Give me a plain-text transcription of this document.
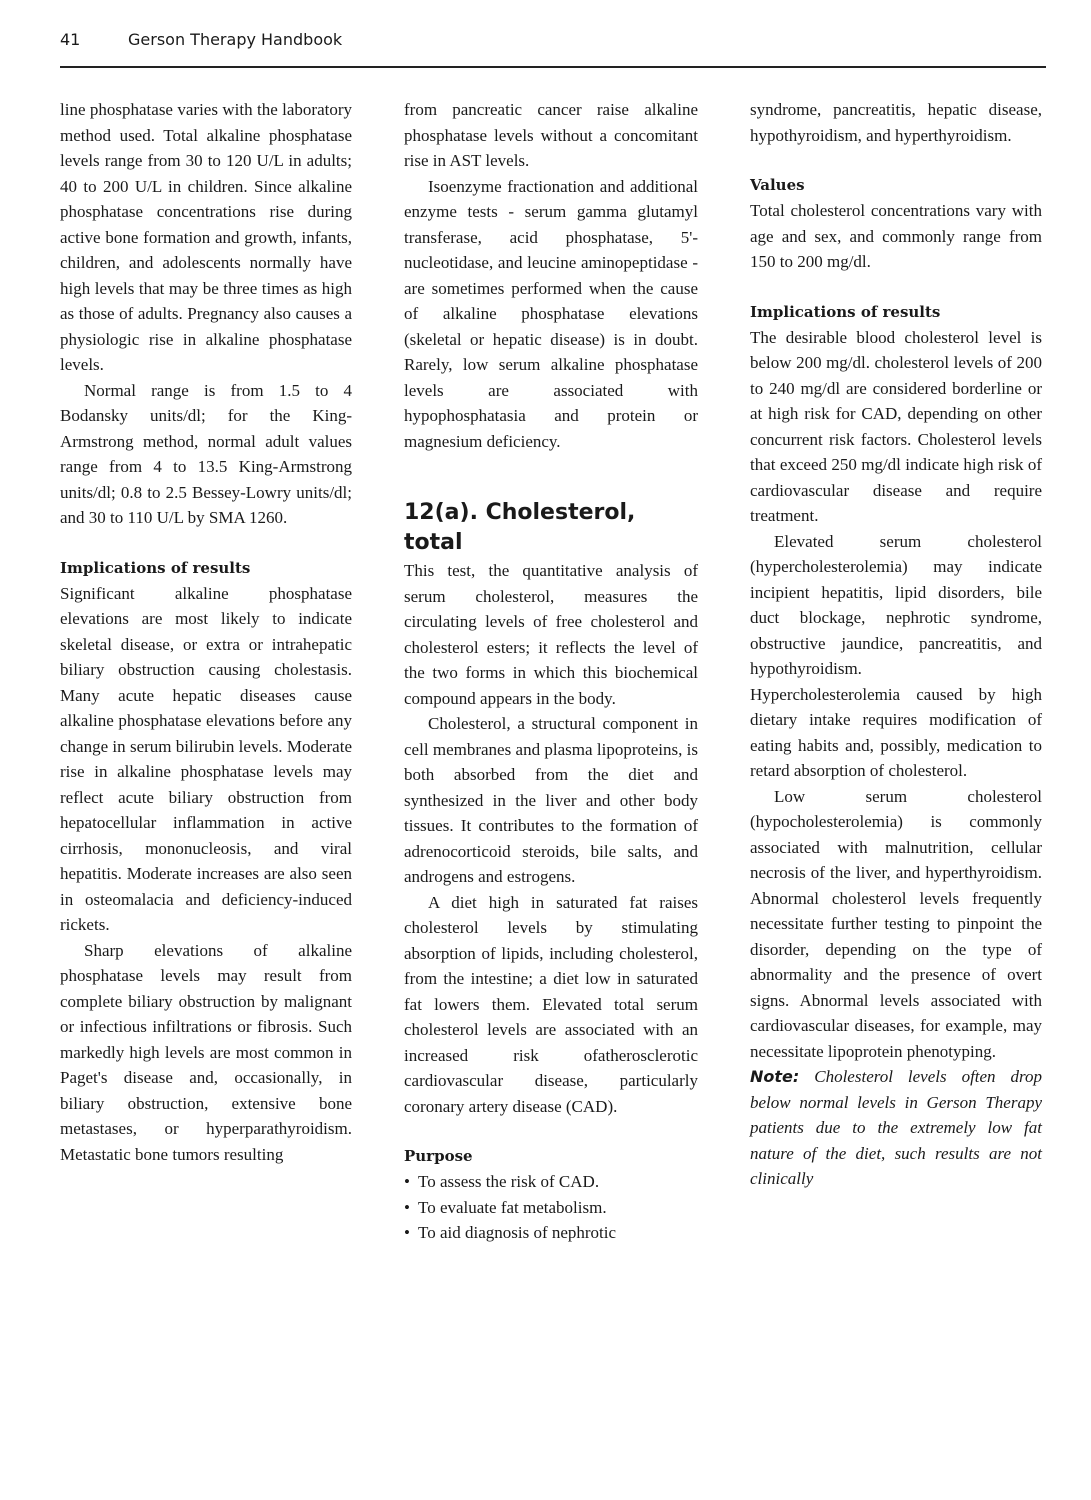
41	Gerson Therapy Handbook

line phosphatase varies with the laboratory method used. Total alkaline phosphatase levels range from 30 to 120 U/L in adults; 40 to 200 U/L in children. Since alkaline phosphatase concentrations rise during active bone formation and growth, infants, children, and adolescents normally have high levels that may be three times as high as those of adults. Pregnancy also causes a physiologic rise in alkaline phosphatase levels.

Normal range is from 1.5 to 4 Bodansky units/dl; for the King-Armstrong method, normal adult values range from 4 to 13.5 King-Armstrong units/dl; 0.8 to 2.5 Bessey-Lowry units/dl; and 30 to 110 U/L by SMA 1260.

Implications of results

Significant alkaline phosphatase elevations are most likely to indicate skeletal disease, or extra or intrahepatic biliary obstruction causing cholestasis. Many acute hepatic diseases cause alkaline phosphatase elevations before any change in serum bilirubin levels. Moderate rise in alkaline phosphatase levels may reflect acute biliary obstruction from hepatocellular inflammation in active cirrhosis, mononucleosis, and viral hepatitis. Moderate increases are also seen in osteomalacia and deficiency-induced rickets.

Sharp elevations of alkaline phosphatase levels may result from complete biliary obstruction by malignant or infectious infiltrations or fibrosis. Such markedly high levels are most common in Paget's disease and, occasionally, in biliary obstruction, extensive bone metastases, or hyperparathyroidism. Metastatic bone tumors resulting

from pancreatic cancer raise alkaline phosphatase levels without a concomitant rise in AST levels.

Isoenzyme fractionation and additional enzyme tests - serum gamma glutamyl transferase, acid phosphatase, 5'-nucleotidase, and leucine aminopeptidase - are sometimes performed when the cause of alkaline phosphatase elevations (skeletal or hepatic disease) is in doubt. Rarely, low serum alkaline phosphatase levels are associated with hypophosphatasia and protein or magnesium deficiency.

12(a). Cholesterol, total

This test, the quantitative analysis of serum cholesterol, measures the circulating levels of free cholesterol and cholesterol esters; it reflects the level of the two forms in which this biochemical compound appears in the body.

Cholesterol, a structural component in cell membranes and plasma lipoproteins, is both absorbed from the diet and synthesized in the liver and other body tissues. It contributes to the formation of adrenocorticoid steroids, bile salts, and androgens and estrogens.

A diet high in saturated fat raises cholesterol levels by stimulating absorption of lipids, including cholesterol, from the intestine; a diet low in saturated fat lowers them. Elevated total serum cholesterol levels are associated with an increased risk ofatherosclerotic cardiovascular disease, particularly coronary artery disease (CAD).

Purpose
• To assess the risk of CAD.
• To evaluate fat metabolism.
• To aid diagnosis of nephrotic

syndrome, pancreatitis, hepatic disease, hypothyroidism, and hyperthyroidism.

Values

Total cholesterol concentrations vary with age and sex, and commonly range from 150 to 200 mg/dl.

Implications of results

The desirable blood cholesterol level is below 200 mg/dl. cholesterol levels of 200 to 240 mg/dl are considered borderline or at high risk for CAD, depending on other concurrent risk factors. Cholesterol levels that exceed 250 mg/dl indicate high risk of cardiovascular disease and require treatment.

Elevated serum cholesterol (hypercholesterolemia) may indicate incipient hepatitis, lipid disorders, bile duct blockage, nephrotic syndrome, obstructive jaundice, pancreatitis, and hypothyroidism.

Hypercholesterolemia caused by high dietary intake requires modification of eating habits and, possibly, medication to retard absorption of cholesterol.

Low serum cholesterol (hypocholesterolemia) is commonly associated with malnutrition, cellular necrosis of the liver, and hyperthyroidism. Abnormal cholesterol levels frequently necessitate further testing to pinpoint the disorder, depending on the type of abnormality and the presence of overt signs. Abnormal levels associated with cardiovascular diseases, for example, may necessitate lipoprotein phenotyping.

Note: Cholesterol levels often drop below normal levels in Gerson Therapy patients due to the extremely low fat nature of the diet, such results are not clinically
